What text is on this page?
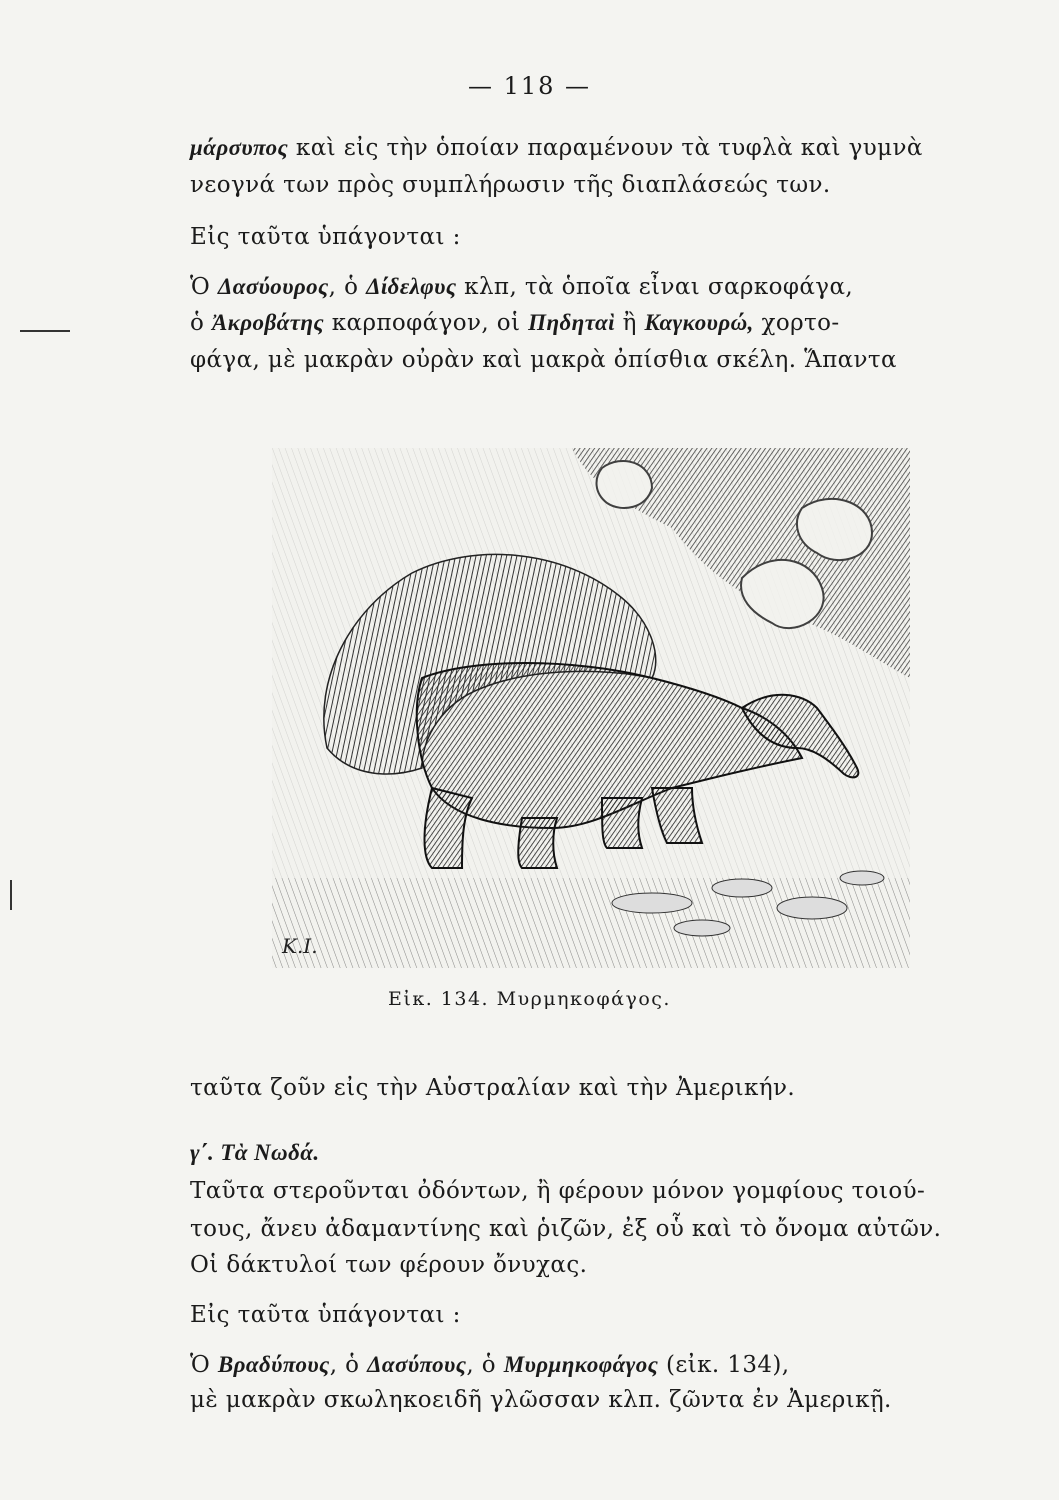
— 118 —
μάρσυπος καὶ εἰς τὴν ὁποίαν παραμένουν τὰ τυφλὰ καὶ γυμνὰ
νεογνά των πρὸς συμπλήρωσιν τῆς διαπλάσεώς των.
Εἰς ταῦτα ὑπάγονται :
Ὁ Δασύουρος, ὁ Δίδελφυς κλπ, τὰ ὁποῖα εἶναι σαρκοφάγα,
ὁ Ἀκροβάτης καρποφάγον, οἱ Πηδηταὶ ἢ Καγκουρώ, χορτο-
φάγα, μὲ μακρὰν οὐρὰν καὶ μακρὰ ὀπίσθια σκέλη. Ἅπαντα
Κ.Ι.
Εἰκ. 134. Μυρμηκοφάγος.
ταῦτα ζοῦν εἰς τὴν Αὐστραλίαν καὶ τὴν Ἀμερικήν.
γ΄. Τὰ Νωδά.
Ταῦτα στεροῦνται ὀδόντων, ἢ φέρουν μόνον γομφίους τοιού-
τους, ἄνευ ἀδαμαντίνης καὶ ῥιζῶν, ἐξ οὗ καὶ τὸ ὄνομα αὐτῶν.
Οἱ δάκτυλοί των φέρουν ὄνυχας.
Εἰς ταῦτα ὑπάγονται :
Ὁ Βραδύπους, ὁ Δασύπους, ὁ Μυρμηκοφάγος (εἰκ. 134),
μὲ μακρὰν σκωληκοειδῆ γλῶσσαν κλπ. ζῶντα ἐν Ἀμερικῇ.
